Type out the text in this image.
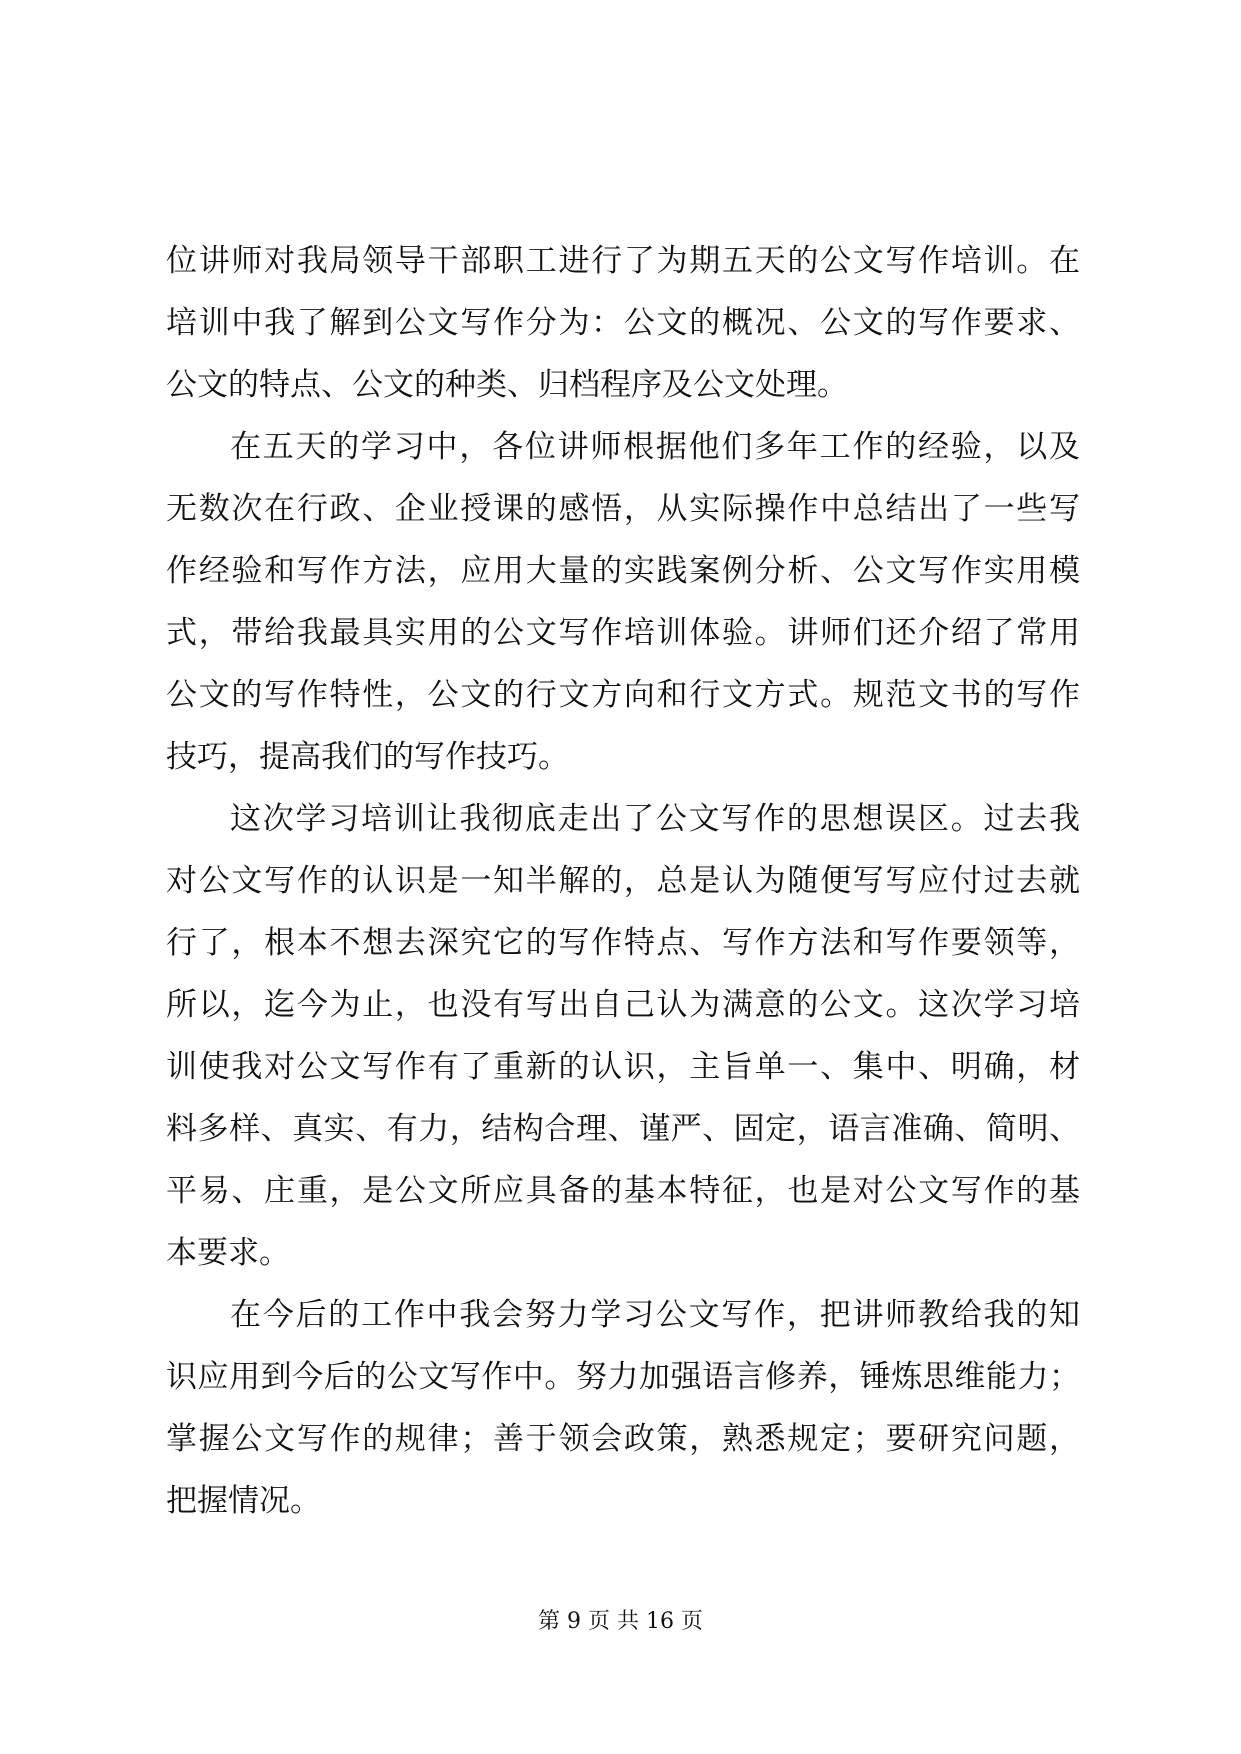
位讲师对我局领导干部职工进行了为期五天的公文写作培训。在
培训中我了解到公文写作分为：公文的概况、公文的写作要求、
公文的特点、公文的种类、归档程序及公文处理。
在五天的学习中，各位讲师根据他们多年工作的经验，以及
无数次在行政、企业授课的感悟，从实际操作中总结出了一些写
作经验和写作方法，应用大量的实践案例分析、公文写作实用模
式，带给我最具实用的公文写作培训体验。讲师们还介绍了常用
公文的写作特性，公文的行文方向和行文方式。规范文书的写作
技巧，提高我们的写作技巧。
这次学习培训让我彻底走出了公文写作的思想误区。过去我
对公文写作的认识是一知半解的，总是认为随便写写应付过去就
行了，根本不想去深究它的写作特点、写作方法和写作要领等，
所以，迄今为止，也没有写出自己认为满意的公文。这次学习培
训使我对公文写作有了重新的认识，主旨单一、集中、明确，材
料多样、真实、有力，结构合理、谨严、固定，语言准确、简明、
平易、庄重，是公文所应具备的基本特征，也是对公文写作的基
本要求。
在今后的工作中我会努力学习公文写作，把讲师教给我的知
识应用到今后的公文写作中。努力加强语言修养，锤炼思维能力；
掌握公文写作的规律；善于领会政策，熟悉规定；要研究问题，
把握情况。
第 9 页 共 16 页
